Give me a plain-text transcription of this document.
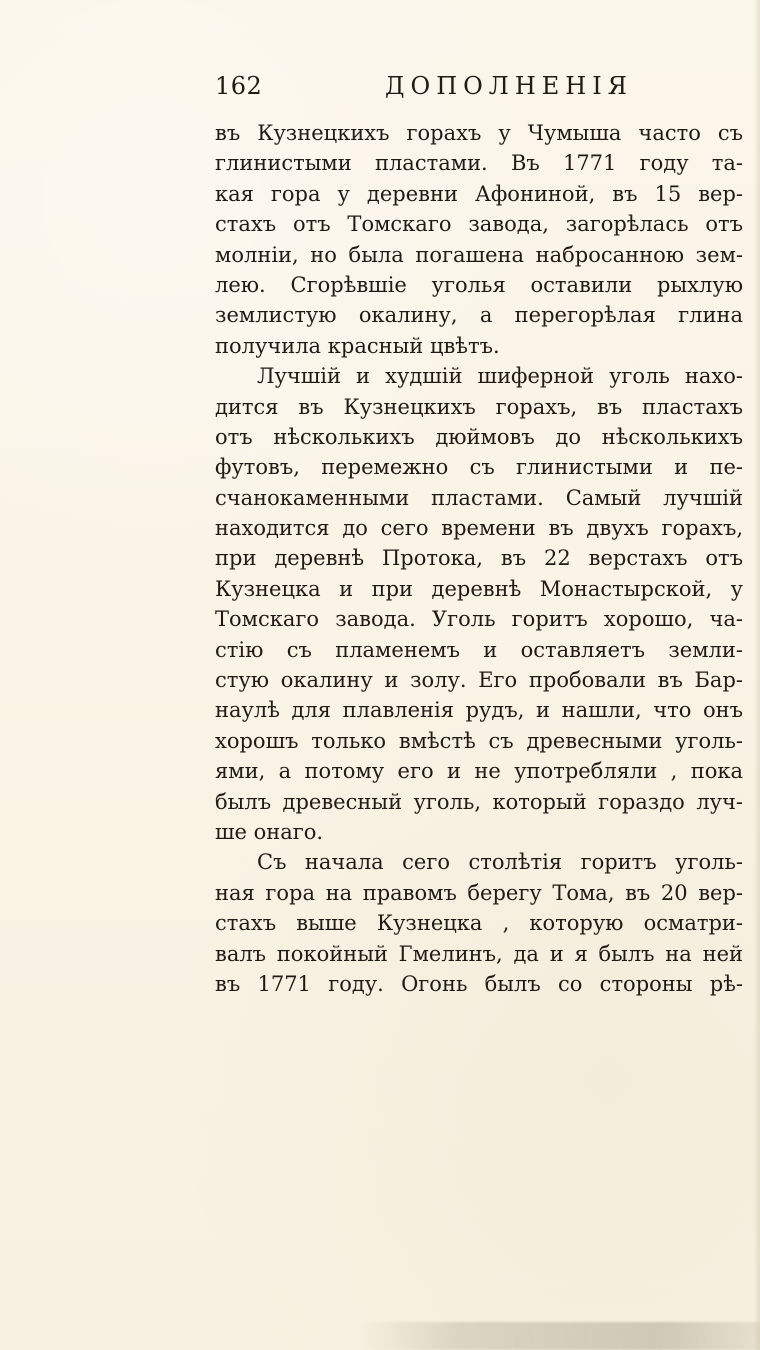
162	ДОПОЛНЕНІЯ
въ Кузнецкихъ горахъ у Чумыша часто съ
глинистыми пластами. Въ 1771 году та-
кая гора у деревни Афониной, въ 15 вер-
стахъ отъ Томскаго завода, загорѣлась отъ
молніи, но была погашена набросанною зем-
лею. Сгорѣвшіе уголья оставили рыхлую
землистую окалину, а перегорѣлая глина
получила красный цвѣтъ.
Лучшій и худшій шиферной уголь нахо-
дится въ Кузнецкихъ горахъ, въ пластахъ
отъ нѣсколькихъ дюймовъ до нѣсколькихъ
футовъ, перемежно съ глинистыми и пе-
счанокаменными пластами. Самый лучшій
находится до сего времени въ двухъ горахъ,
при деревнѣ Протока, въ 22 верстахъ отъ
Кузнецка и при деревнѣ Монастырской, у
Томскаго завода. Уголь горитъ хорошо, ча-
стію съ пламенемъ и оставляетъ земли-
стую окалину и золу. Его пробовали въ Бар-
наулѣ для плавленія рудъ, и нашли, что онъ
хорошъ только вмѣстѣ съ древесными уголь-
ями, а потому его и не употребляли , пока
былъ древесный уголь, который гораздо луч-
ше онаго.
Съ начала сего столѣтія горитъ уголь-
ная гора на правомъ берегу Тома, въ 20 вер-
стахъ выше Кузнецка , которую осматри-
валъ покойный Гмелинъ, да и я былъ на ней
въ 1771 году. Огонь былъ со стороны рѣ-
